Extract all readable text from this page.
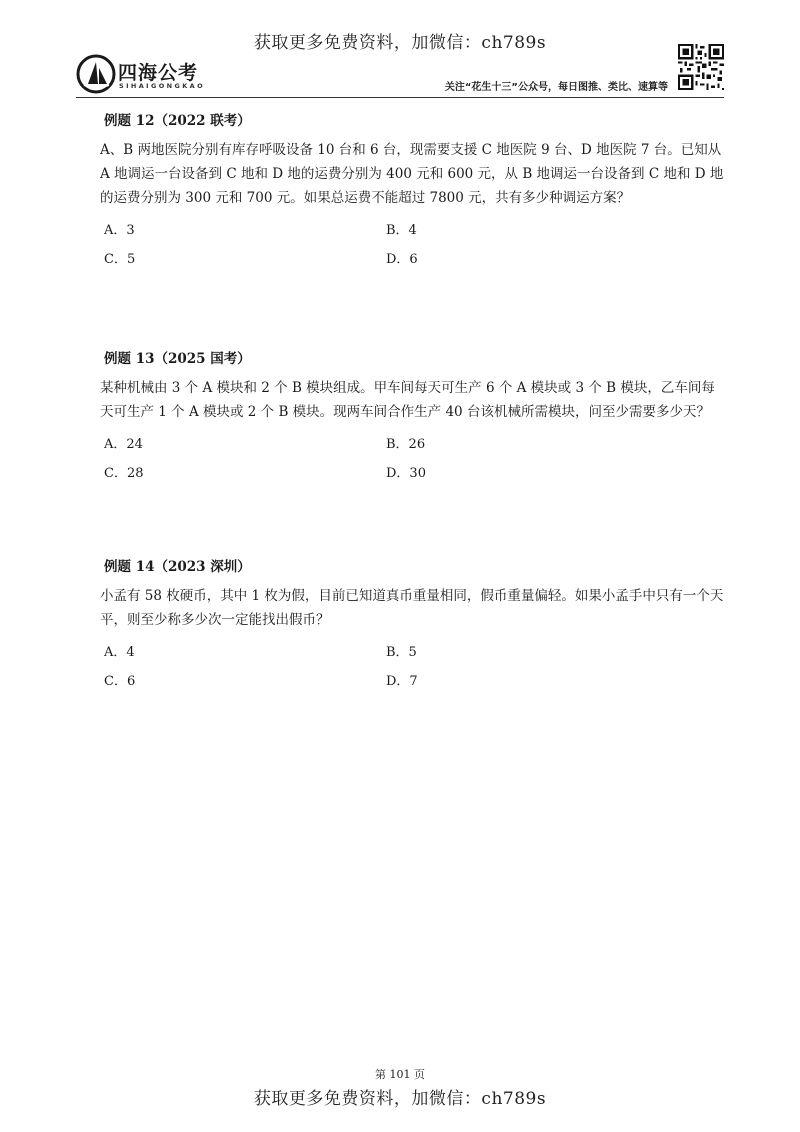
获取更多免费资料，加微信：ch789s
四海公考
SIHAIGONGKAO	关注“花生十三”公众号，每日图推、类比、速算等
例题 12（2022 联考）
A、B 两地医院分别有库存呼吸设备 10 台和 6 台，现需要支援 C 地医院 9 台、D 地医院 7 台。已知从 A 地调运一台设备到 C 地和 D 地的运费分别为 400 元和 600 元，从 B 地调运一台设备到 C 地和 D 地的运费分别为 300 元和 700 元。如果总运费不能超过 7800 元，共有多少种调运方案？
A．3	B．4
C．5	D．6
例题 13（2025 国考）
某种机械由 3 个 A 模块和 2 个 B 模块组成。甲车间每天可生产 6 个 A 模块或 3 个 B 模块，乙车间每天可生产 1 个 A 模块或 2 个 B 模块。现两车间合作生产 40 台该机械所需模块，问至少需要多少天？
A．24	B．26
C．28	D．30
例题 14（2023 深圳）
小孟有 58 枚硬币，其中 1 枚为假，目前已知道真币重量相同，假币重量偏轻。如果小孟手中只有一个天平，则至少称多少次一定能找出假币？
A．4	B．5
C．6	D．7
第 101 页
获取更多免费资料，加微信：ch789s
